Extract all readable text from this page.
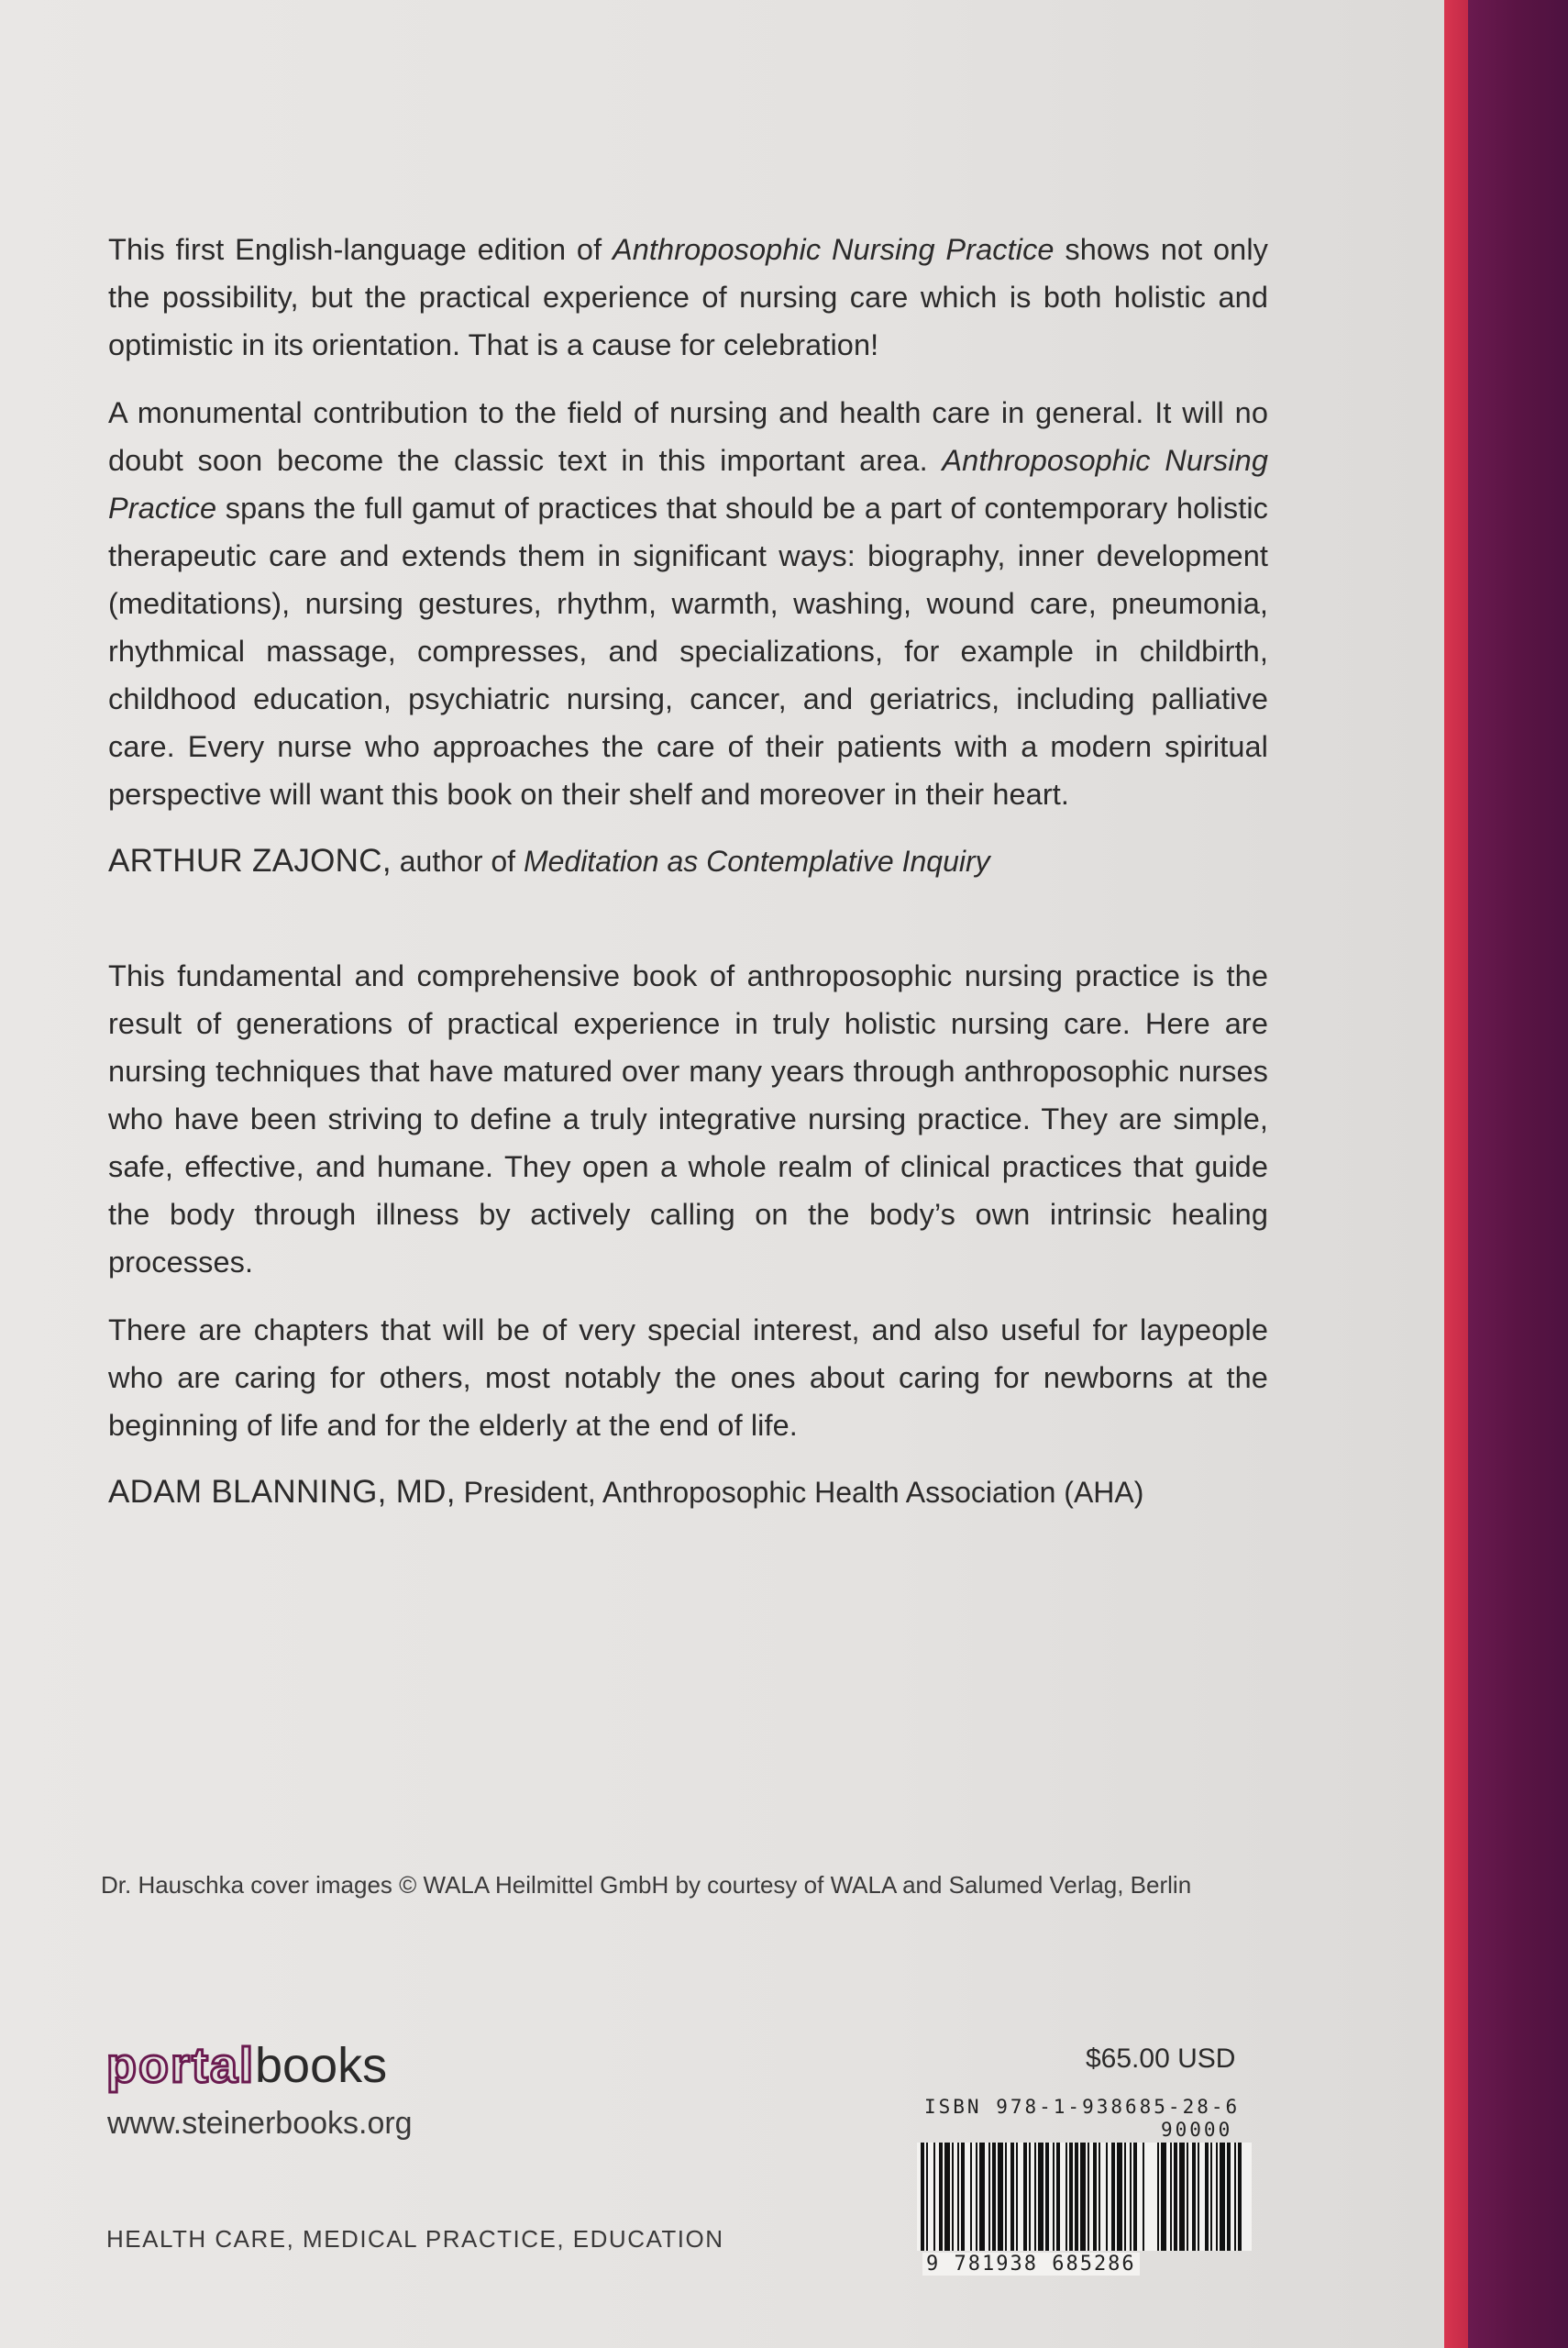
This first English-language edition of Anthroposophic Nursing Practice shows not only the possibility, but the practical experience of nursing care which is both holistic and optimistic in its orientation. That is a cause for celebration!

A monumental contribution to the field of nursing and health care in general. It will no doubt soon become the classic text in this important area. Anthroposophic Nursing Practice spans the full gamut of practices that should be a part of contemporary holistic therapeutic care and extends them in significant ways: biography, inner development (meditations), nursing gestures, rhythm, warmth, washing, wound care, pneumonia, rhythmical massage, compresses, and specializations, for example in childbirth, childhood education, psychiatric nursing, cancer, and geriatrics, including palliative care. Every nurse who approaches the care of their patients with a modern spiritual perspective will want this book on their shelf and moreover in their heart.

ARTHUR ZAJONC, author of Meditation as Contemplative Inquiry

This fundamental and comprehensive book of anthroposophic nursing practice is the result of generations of practical experience in truly holistic nursing care. Here are nursing techniques that have matured over many years through anthroposophic nurses who have been striving to define a truly integrative nursing practice. They are simple, safe, effective, and humane. They open a whole realm of clinical practices that guide the body through illness by actively calling on the body’s own intrinsic healing processes.

There are chapters that will be of very special interest, and also useful for laypeople who are caring for others, most notably the ones about caring for newborns at the beginning of life and for the elderly at the end of life.

ADAM BLANNING, MD, President, Anthroposophic Health Association (AHA)

Dr. Hauschka cover images © WALA Heilmittel GmbH by courtesy of WALA and Salumed Verlag, Berlin
portalbooks
www.steinerbooks.org
HEALTH CARE, MEDICAL PRACTICE, EDUCATION
$65.00 USD
ISBN 978-1-938685-28-6
90000
9 781938 685286
